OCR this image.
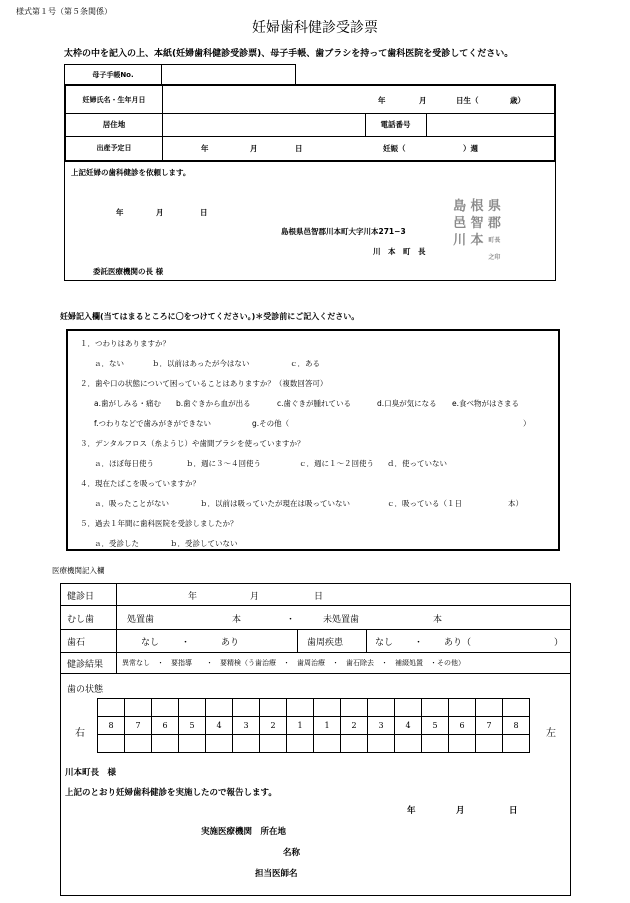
様式第１号（第５条関係）
妊婦歯科健診受診票
太枠の中を記入の上、本紙(妊婦歯科健診受診票)、母子手帳、歯ブラシを持って歯科医院を受診してください。
母子手帳No.
妊婦氏名・生年月日	年	月	日生（	歳）
居住地	電話番号
出産予定日	年	月	日	妊娠（	）週
上記妊婦の歯科健診を依頼します。
年	月	日
島根県邑智郡川本町大字川本271−3
川　本　町　長
委託医療機関の長 様
島 根 県
邑 智 郡
川 本 町長之印
妊婦記入欄(当てはまるところに〇をつけてください。)＊受診前にご記入ください。
１．つわりはありますか？
ａ．ない	ｂ．以前はあったが今はない	ｃ．ある
２．歯や口の状態について困っていることはありますか？（複数回答可）
a.歯がしみる・痛む b.歯ぐきから血が出る	c.歯ぐきが腫れている	d.口臭が気になる e.食べ物がはさまる
f.つわりなどで歯みがきができない	g.その他（	）
３．デンタルフロス（糸ようじ）や歯間ブラシを使っていますか？
ａ．ほぼ毎日使う	ｂ．週に３〜４回使う	ｃ．週に１〜２回使う ｄ．使っていない
４．現在たばこを吸っていますか？
ａ．吸ったことがない	ｂ．以前は吸っていたが現在は吸っていない	ｃ．吸っている（１日	本）
５．過去１年間に歯科医院を受診しましたか？
ａ．受診した	ｂ．受診していない
医療機関記入欄
健診日	年	月	日
むし歯	処置歯	本	・	未処置歯	本
歯石	なし ・	あり	歯周疾患	なし ・ あり（	）
健診結果	異常なし　・　要指導　　・　要精検（う歯治療　・　歯周治療　・　歯石除去　・　補綴処置　・その他）
歯の状態
右	左

8	7	6	5	4	3	2	1	1	2	3	4	5	6	7	8

川本町長　様
上記のとおり妊婦歯科健診を実施したので報告します。
年	月	日
実施医療機関　所在地
名称
担当医師名
